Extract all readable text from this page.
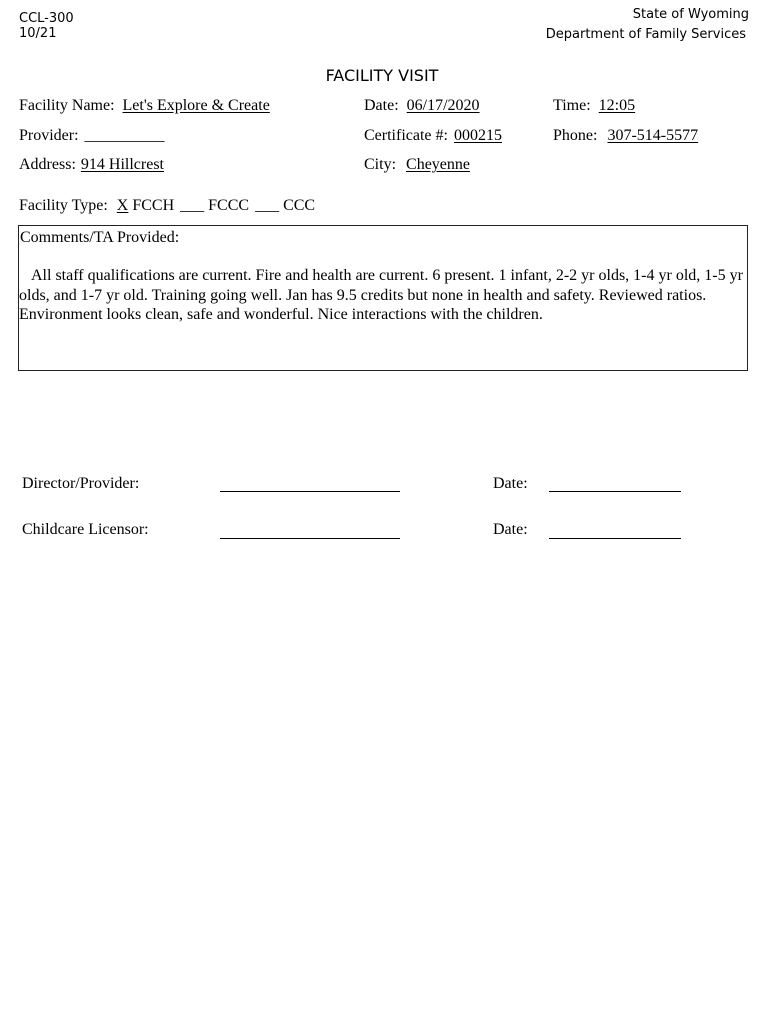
CCL-300
10/21
State of Wyoming
Department of Family Services
FACILITY VISIT
Facility Name: Let's Explore & Create	Date: 06/17/2020	Time: 12:05
Provider: __________	Certificate #: 000215	Phone: 307-514-5577
Address: 914 Hillcrest	City: Cheyenne
Facility Type: X FCCH ___ FCCC ___ CCC
Comments/TA Provided:
All staff qualifications are current. Fire and health are current. 6 present. 1 infant, 2-2 yr olds, 1-4 yr old, 1-5 yr olds, and 1-7 yr old. Training going well. Jan has 9.5 credits but none in health and safety. Reviewed ratios. Environment looks clean, safe and wonderful. Nice interactions with the children.
Director/Provider:	Date:
Childcare Licensor:	Date:
